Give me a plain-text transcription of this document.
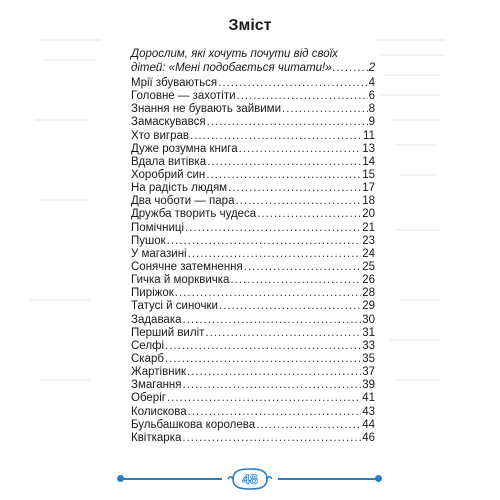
Зміст
Дорослим, які хочуть почути від своїх
дітей: «Мені подобається читати!» .....	2
Мрії збуваються .....	4
Головне — захотіти .....	6
Знання не бувають зайвими .....	8
Замаскувався .....	9
Хто виграв .....	11
Дуже розумна книга .....	13
Вдала витівка .....	14
Хоробрий син .....	15
На радість людям .....	17
Два чоботи — пара .....	18
Дружба творить чудеса .....	20
Помічниці .....	21
Пушок .....	23
У магазині .....	24
Сонячне затемнення .....	25
Гичка й морквичка .....	26
Пиріжок .....	28
Татусі й синочки .....	29
Задавака .....	30
Перший виліт .....	31
Селфі .....	33
Скарб .....	35
Жартівник .....	37
Змагання .....	39
Оберіг .....	41
Колискова .....	43
Бульбашкова королева .....	44
Квіткарка .....	46
48
